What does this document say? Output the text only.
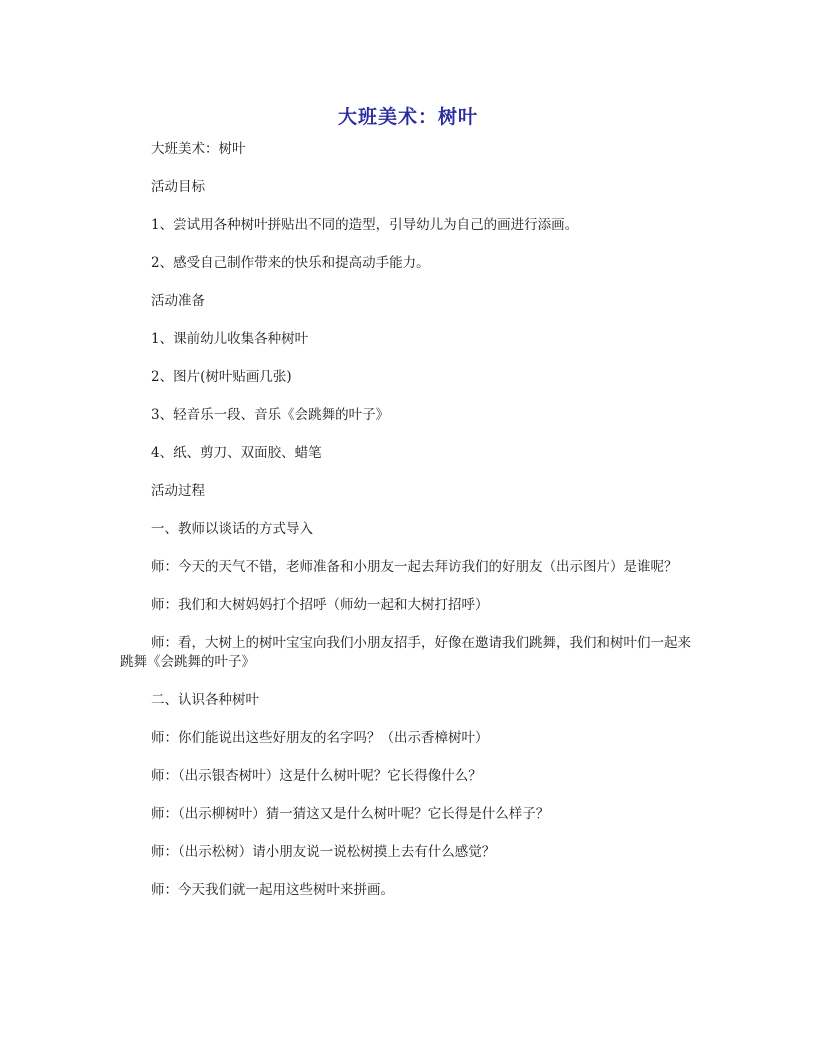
大班美术：树叶

大班美术：树叶

活动目标

1、尝试用各种树叶拼贴出不同的造型，引导幼儿为自己的画进行添画。

2、感受自己制作带来的快乐和提高动手能力。

活动准备

1、课前幼儿收集各种树叶

2、图片(树叶贴画几张)

3、轻音乐一段、音乐《会跳舞的叶子》

4、纸、剪刀、双面胶、蜡笔

活动过程

一、教师以谈话的方式导入

师：今天的天气不错，老师准备和小朋友一起去拜访我们的好朋友（出示图片）是谁呢？

师：我们和大树妈妈打个招呼（师幼一起和大树打招呼）

师：看，大树上的树叶宝宝向我们小朋友招手，好像在邀请我们跳舞，我们和树叶们一起来跳舞《会跳舞的叶子》

二、认识各种树叶

师：你们能说出这些好朋友的名字吗？（出示香樟树叶）

师：（出示银杏树叶）这是什么树叶呢？它长得像什么？

师：（出示柳树叶）猜一猜这又是什么树叶呢？它长得是什么样子？

师：（出示松树）请小朋友说一说松树摸上去有什么感觉？

师：今天我们就一起用这些树叶来拼画。
